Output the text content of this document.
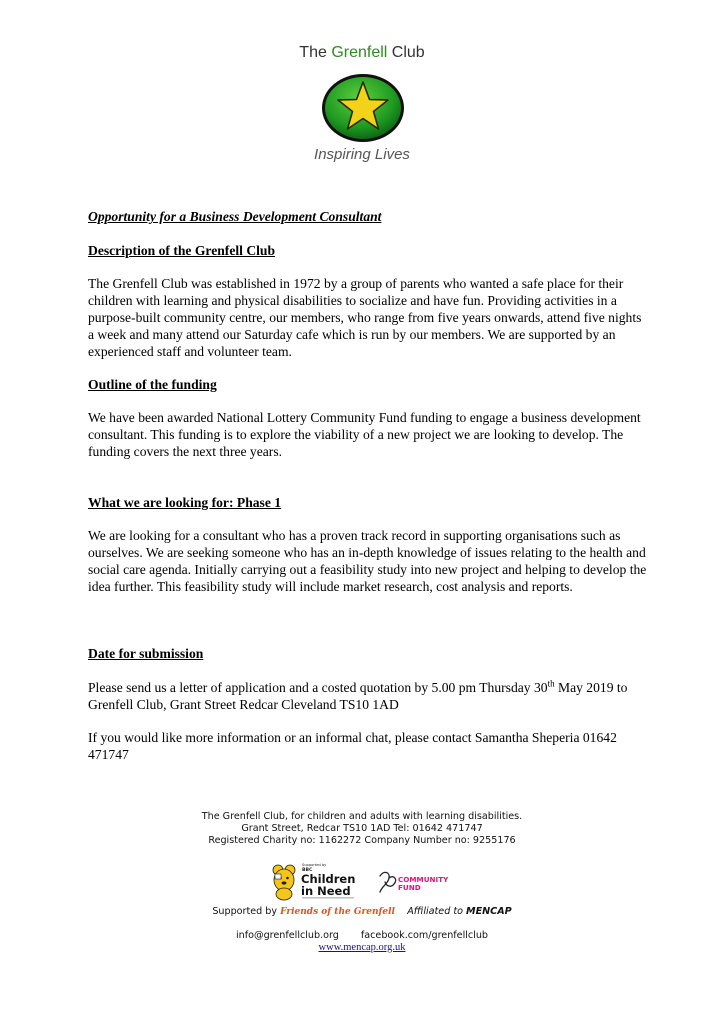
The Grenfell Club
Inspiring Lives
Opportunity for a Business Development Consultant
Description of the Grenfell Club

The Grenfell Club was established in 1972 by a group of parents who wanted a safe place for their children with learning and physical disabilities to socialize and have fun. Providing activities in a purpose-built community centre, our members, who range from five years onwards, attend five nights a week and many attend our Saturday cafe which is run by our members. We are supported by an experienced staff and volunteer team.

Outline of the funding

We have been awarded National Lottery Community Fund funding to engage a business development consultant. This funding is to explore the viability of a new project we are looking to develop. The funding covers the next three years.

What we are looking for: Phase 1

We are looking for a consultant who has a proven track record in supporting organisations such as ourselves. We are seeking someone who has an in-depth knowledge of issues relating to the health and social care agenda. Initially carrying out a feasibility study into new project and helping to develop the idea further. This feasibility study will include market research, cost analysis and reports.

Date for submission

Please send us a letter of application and a costed quotation by 5.00 pm Thursday 30th May 2019 to Grenfell Club, Grant Street Redcar Cleveland TS10 1AD

If you would like more information or an informal chat, please contact Samantha Sheperia 01642 471747

The Grenfell Club, for children and adults with learning disabilities.
Grant Street, Redcar TS10 1AD Tel: 01642 471747
Registered Charity no: 1162272 Company Number no: 9255176
Supported by
BBC
Children
in Need
COMMUNITY
FUND
Supported by Friends of the Grenfell Affiliated to MENCAP
info@grenfellclub.org facebook.com/grenfellclub
www.mencap.org.uk
